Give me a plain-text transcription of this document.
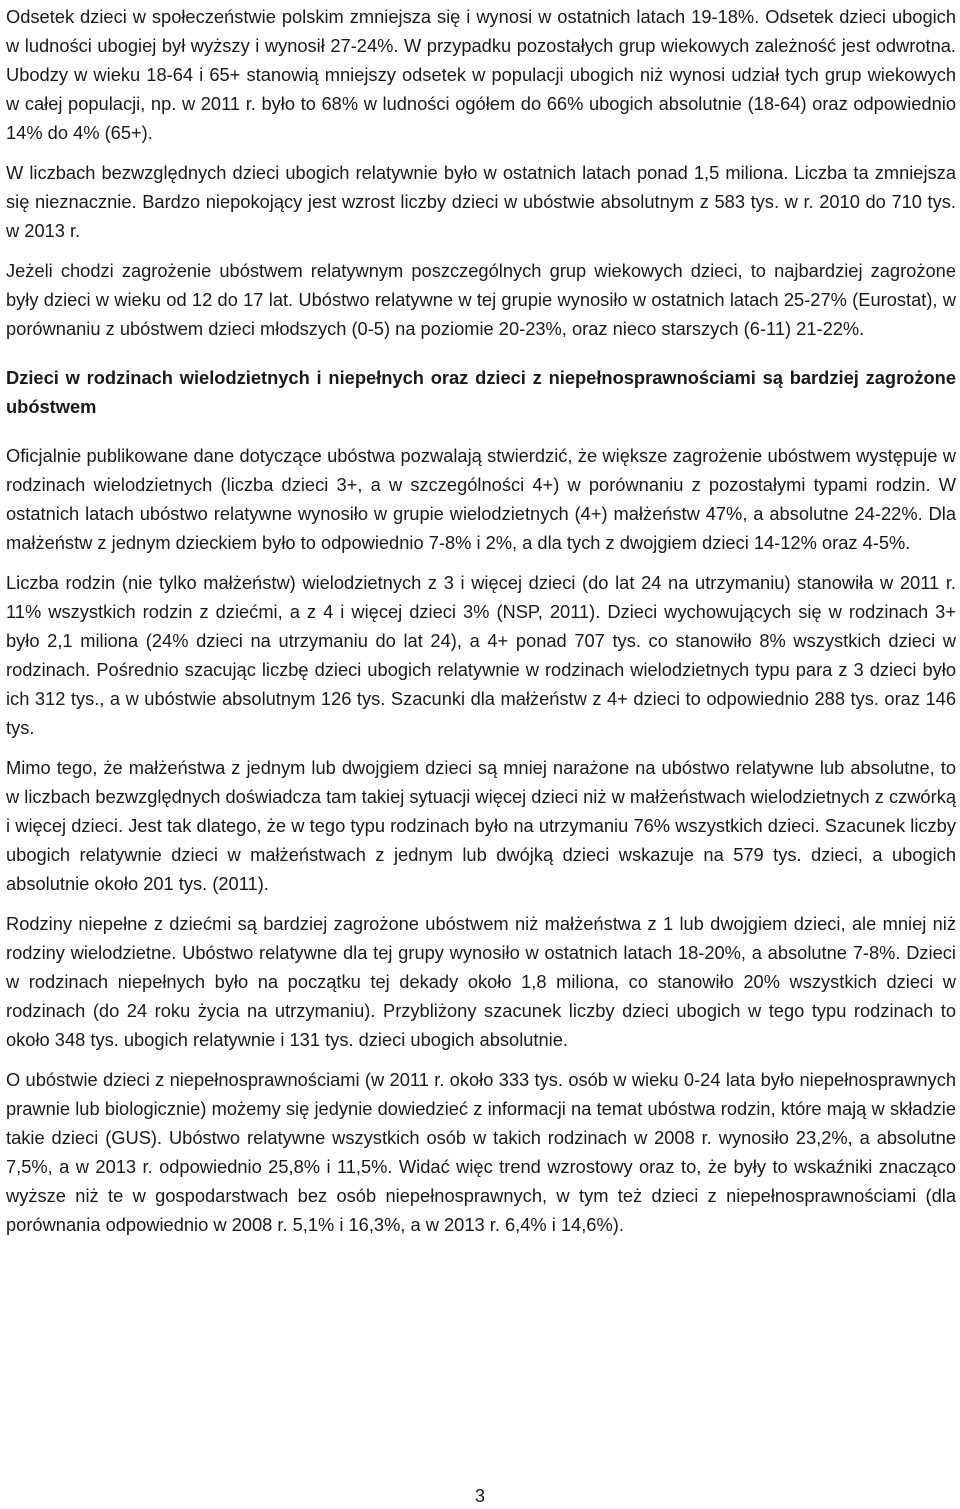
Odsetek dzieci w społeczeństwie polskim zmniejsza się i wynosi w ostatnich latach 19-18%. Odsetek dzieci ubogich w ludności ubogiej był wyższy i wynosił 27-24%. W przypadku pozostałych grup wiekowych zależność jest odwrotna. Ubodzy w wieku 18-64 i 65+ stanowią mniejszy odsetek w populacji ubogich niż wynosi udział tych grup wiekowych w całej populacji, np. w 2011 r. było to 68% w ludności ogółem do 66% ubogich absolutnie (18-64) oraz odpowiednio 14% do 4% (65+).

W liczbach bezwzględnych dzieci ubogich relatywnie było w ostatnich latach ponad 1,5 miliona. Liczba ta zmniejsza się nieznacznie. Bardzo niepokojący jest wzrost liczby dzieci w ubóstwie absolutnym z 583 tys. w r. 2010 do 710 tys. w 2013 r.

Jeżeli chodzi zagrożenie ubóstwem relatywnym poszczególnych grup wiekowych dzieci, to najbardziej zagrożone były dzieci w wieku od 12 do 17 lat. Ubóstwo relatywne w tej grupie wynosiło w ostatnich latach 25-27% (Eurostat), w porównaniu z ubóstwem dzieci młodszych (0-5) na poziomie 20-23%, oraz nieco starszych (6-11) 21-22%.

Dzieci w rodzinach wielodzietnych i niepełnych oraz dzieci z niepełnosprawnościami są bardziej zagrożone ubóstwem

Oficjalnie publikowane dane dotyczące ubóstwa pozwalają stwierdzić, że większe zagrożenie ubóstwem występuje w rodzinach wielodzietnych (liczba dzieci 3+, a w szczególności 4+) w porównaniu z pozostałymi typami rodzin. W ostatnich latach ubóstwo relatywne wynosiło w grupie wielodzietnych (4+) małżeństw 47%, a absolutne 24-22%. Dla małżeństw z jednym dzieckiem było to odpowiednio 7-8% i 2%, a dla tych z dwojgiem dzieci 14-12% oraz 4-5%.

Liczba rodzin (nie tylko małżeństw) wielodzietnych z 3 i więcej dzieci (do lat 24 na utrzymaniu) stanowiła w 2011 r. 11% wszystkich rodzin z dziećmi, a z 4 i więcej dzieci 3% (NSP, 2011). Dzieci wychowujących się w rodzinach 3+ było 2,1 miliona (24% dzieci na utrzymaniu do lat 24), a 4+ ponad 707 tys. co stanowiło 8% wszystkich dzieci w rodzinach. Pośrednio szacując liczbę dzieci ubogich relatywnie w rodzinach wielodzietnych typu para z 3 dzieci było ich 312 tys., a w ubóstwie absolutnym 126 tys. Szacunki dla małżeństw z 4+ dzieci to odpowiednio 288 tys. oraz 146 tys.

Mimo tego, że małżeństwa z jednym lub dwojgiem dzieci są mniej narażone na ubóstwo relatywne lub absolutne, to w liczbach bezwzględnych doświadcza tam takiej sytuacji więcej dzieci niż w małżeństwach wielodzietnych z czwórką i więcej dzieci. Jest tak dlatego, że w tego typu rodzinach było na utrzymaniu 76% wszystkich dzieci. Szacunek liczby ubogich relatywnie dzieci w małżeństwach z jednym lub dwójką dzieci wskazuje na 579 tys. dzieci, a ubogich absolutnie około 201 tys. (2011).

Rodziny niepełne z dziećmi są bardziej zagrożone ubóstwem niż małżeństwa z 1 lub dwojgiem dzieci, ale mniej niż rodziny wielodzietne. Ubóstwo relatywne dla tej grupy wynosiło w ostatnich latach 18-20%, a absolutne 7-8%. Dzieci w rodzinach niepełnych było na początku tej dekady około 1,8 miliona, co stanowiło 20% wszystkich dzieci w rodzinach (do 24 roku życia na utrzymaniu). Przybliżony szacunek liczby dzieci ubogich w tego typu rodzinach to około 348 tys. ubogich relatywnie i 131 tys. dzieci ubogich absolutnie.

O ubóstwie dzieci z niepełnosprawnościami (w 2011 r. około 333 tys. osób w wieku 0-24 lata było niepełnosprawnych prawnie lub biologicznie) możemy się jedynie dowiedzieć z informacji na temat ubóstwa rodzin, które mają w składzie takie dzieci (GUS). Ubóstwo relatywne wszystkich osób w takich rodzinach w 2008 r. wynosiło 23,2%, a absolutne 7,5%, a w 2013 r. odpowiednio 25,8% i 11,5%. Widać więc trend wzrostowy oraz to, że były to wskaźniki znacząco wyższe niż te w gospodarstwach bez osób niepełnosprawnych, w tym też dzieci z niepełnosprawnościami (dla porównania odpowiednio w 2008 r. 5,1% i 16,3%, a w 2013 r. 6,4% i 14,6%).

3
